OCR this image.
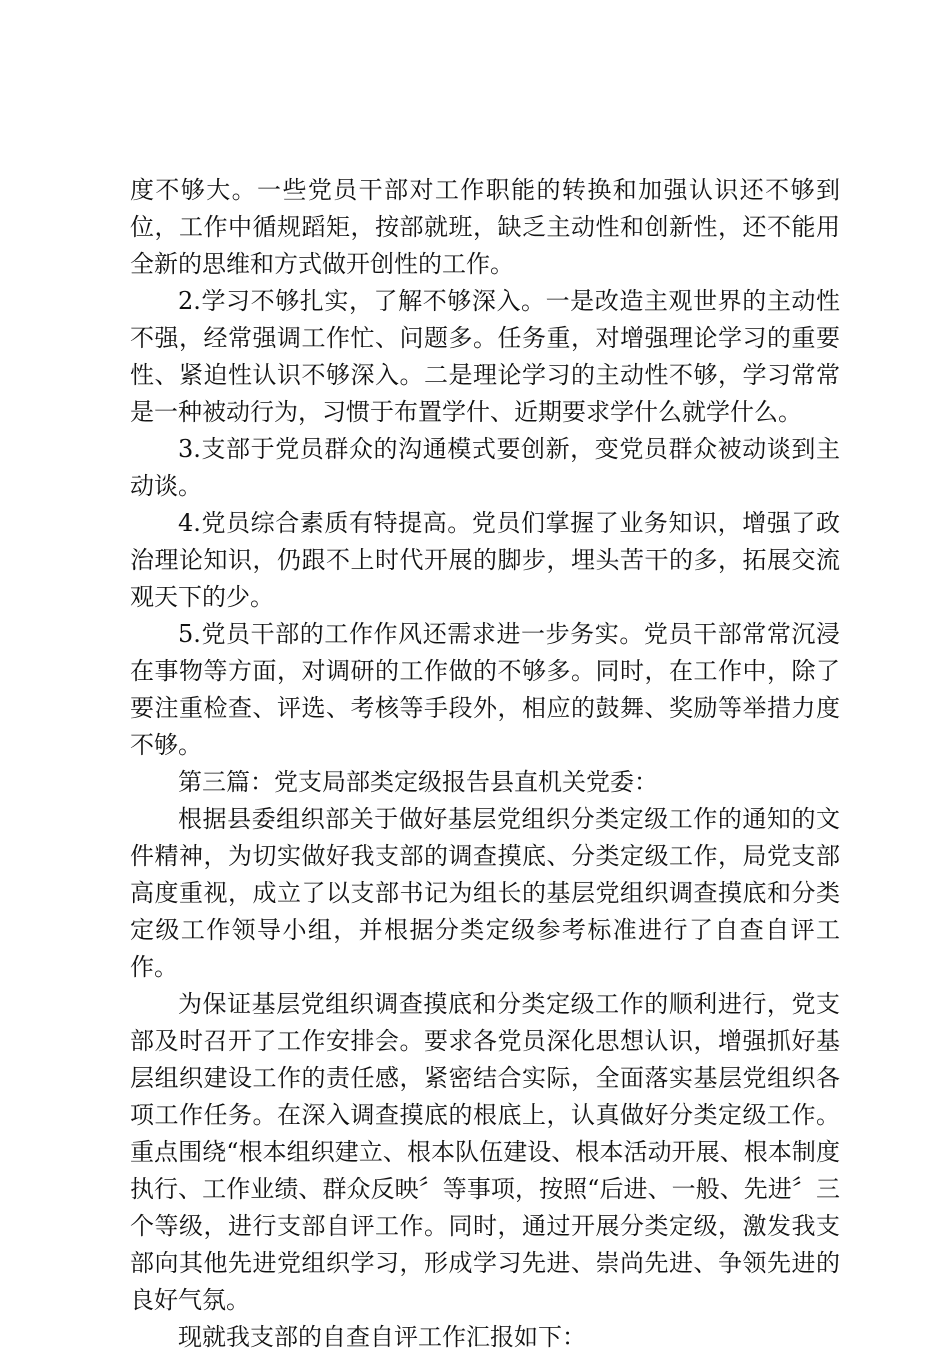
度不够大。一些党员干部对工作职能的转换和加强认识还不够到位，工作中循规蹈矩，按部就班，缺乏主动性和创新性，还不能用全新的思维和方式做开创性的工作。

2.学习不够扎实，了解不够深入。一是改造主观世界的主动性不强，经常强调工作忙、问题多。任务重，对增强理论学习的重要性、紧迫性认识不够深入。二是理论学习的主动性不够，学习常常是一种被动行为，习惯于布置学什、近期要求学什么就学什么。

3.支部于党员群众的沟通模式要创新，变党员群众被动谈到主动谈。

4.党员综合素质有特提高。党员们掌握了业务知识，增强了政治理论知识，仍跟不上时代开展的脚步，埋头苦干的多，拓展交流观天下的少。

5.党员干部的工作作风还需求进一步务实。党员干部常常沉浸在事物等方面，对调研的工作做的不够多。同时，在工作中，除了要注重检查、评选、考核等手段外，相应的鼓舞、奖励等举措力度不够。

第三篇：党支局部类定级报告县直机关党委：

根据县委组织部关于做好基层党组织分类定级工作的通知的文件精神，为切实做好我支部的调查摸底、分类定级工作，局党支部高度重视，成立了以支部书记为组长的基层党组织调查摸底和分类定级工作领导小组，并根据分类定级参考标准进行了自查自评工作。

为保证基层党组织调查摸底和分类定级工作的顺利进行，党支部及时召开了工作安排会。要求各党员深化思想认识，增强抓好基层组织建设工作的责任感，紧密结合实际，全面落实基层党组织各项工作任务。在深入调查摸底的根底上，认真做好分类定级工作。重点围绕“根本组织建立、根本队伍建设、根本活动开展、根本制度执行、工作业绩、群众反映〞等事项，按照“后进、一般、先进〞三个等级，进行支部自评工作。同时，通过开展分类定级，激发我支部向其他先进党组织学习，形成学习先进、崇尚先进、争领先进的良好气氛。

现就我支部的自查自评工作汇报如下：
